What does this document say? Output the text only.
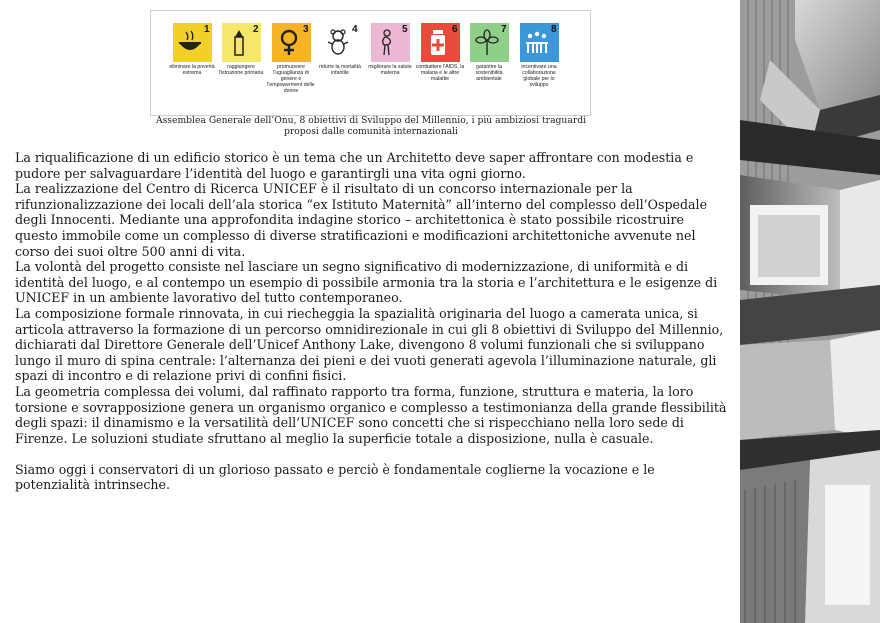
1
eliminare la povertà estrema
2
raggiungere l'istruzione primaria
3
promuovere l'uguaglianza di genere e l'empowerment delle donne
4
ridurre la mortalità infantile
5
migliorare la salute materna
6
combattere l'AIDS, la malaria e le altre malattie
7
garantire la sostenibilità ambientale
8
incentivare una collaborazione globale per lo sviluppo
Assemblea Generale dell’Onu, 8 obiettivi di Sviluppo del Millennio, i più ambiziosi traguardi
proposi dalle comunità internazionali

La riqualificazione di un edificio storico è un tema che un Architetto deve saper affrontare con modestia e pudore per salvaguardare l’identità del luogo e garantirgli una vita ogni giorno.

La realizzazione del Centro di Ricerca UNICEF è il risultato di un concorso internazionale per la rifunzionalizzazione dei locali dell’ala storica “ex Istituto Maternità” all’interno del complesso dell’Ospedale degli Innocenti. Mediante una approfondita indagine storico – architettonica è stato possibile ricostruire questo immobile come un complesso di diverse stratificazioni e modificazioni architettoniche avvenute nel corso dei suoi oltre 500 anni di vita.

La volontà del progetto consiste nel lasciare un segno significativo di modernizzazione, di uniformità e di identità del luogo, e al contempo un esempio di possibile armonia tra la storia e l’architettura e le esigenze di UNICEF in un ambiente lavorativo del tutto contemporaneo.

La composizione formale rinnovata, in cui riecheggia la spazialità originaria del luogo a camerata unica, si articola attraverso la formazione di un percorso omnidirezionale in cui gli 8 obiettivi di Sviluppo del Millennio, dichiarati dal Direttore Generale dell’Unicef Anthony Lake, divengono 8 volumi funzionali che si sviluppano lungo il muro di spina centrale: l’alternanza dei pieni e dei vuoti generati agevola l’illuminazione naturale, gli spazi di incontro e di relazione privi di confini fisici.

La geometria complessa dei volumi, dal raffinato rapporto tra forma, funzione, struttura e materia, la loro torsione e sovrapposizione genera un organismo organico e complesso a testimonianza della grande flessibilità degli spazi: il dinamismo e la versatilità dell’UNICEF sono concetti che si rispecchiano nella loro sede di Firenze. Le soluzioni studiate sfruttano al meglio la superficie totale a disposizione, nulla è casuale.

Siamo oggi i conservatori di un glorioso passato e perciò è fondamentale coglierne la vocazione e le potenzialità intrinseche.
